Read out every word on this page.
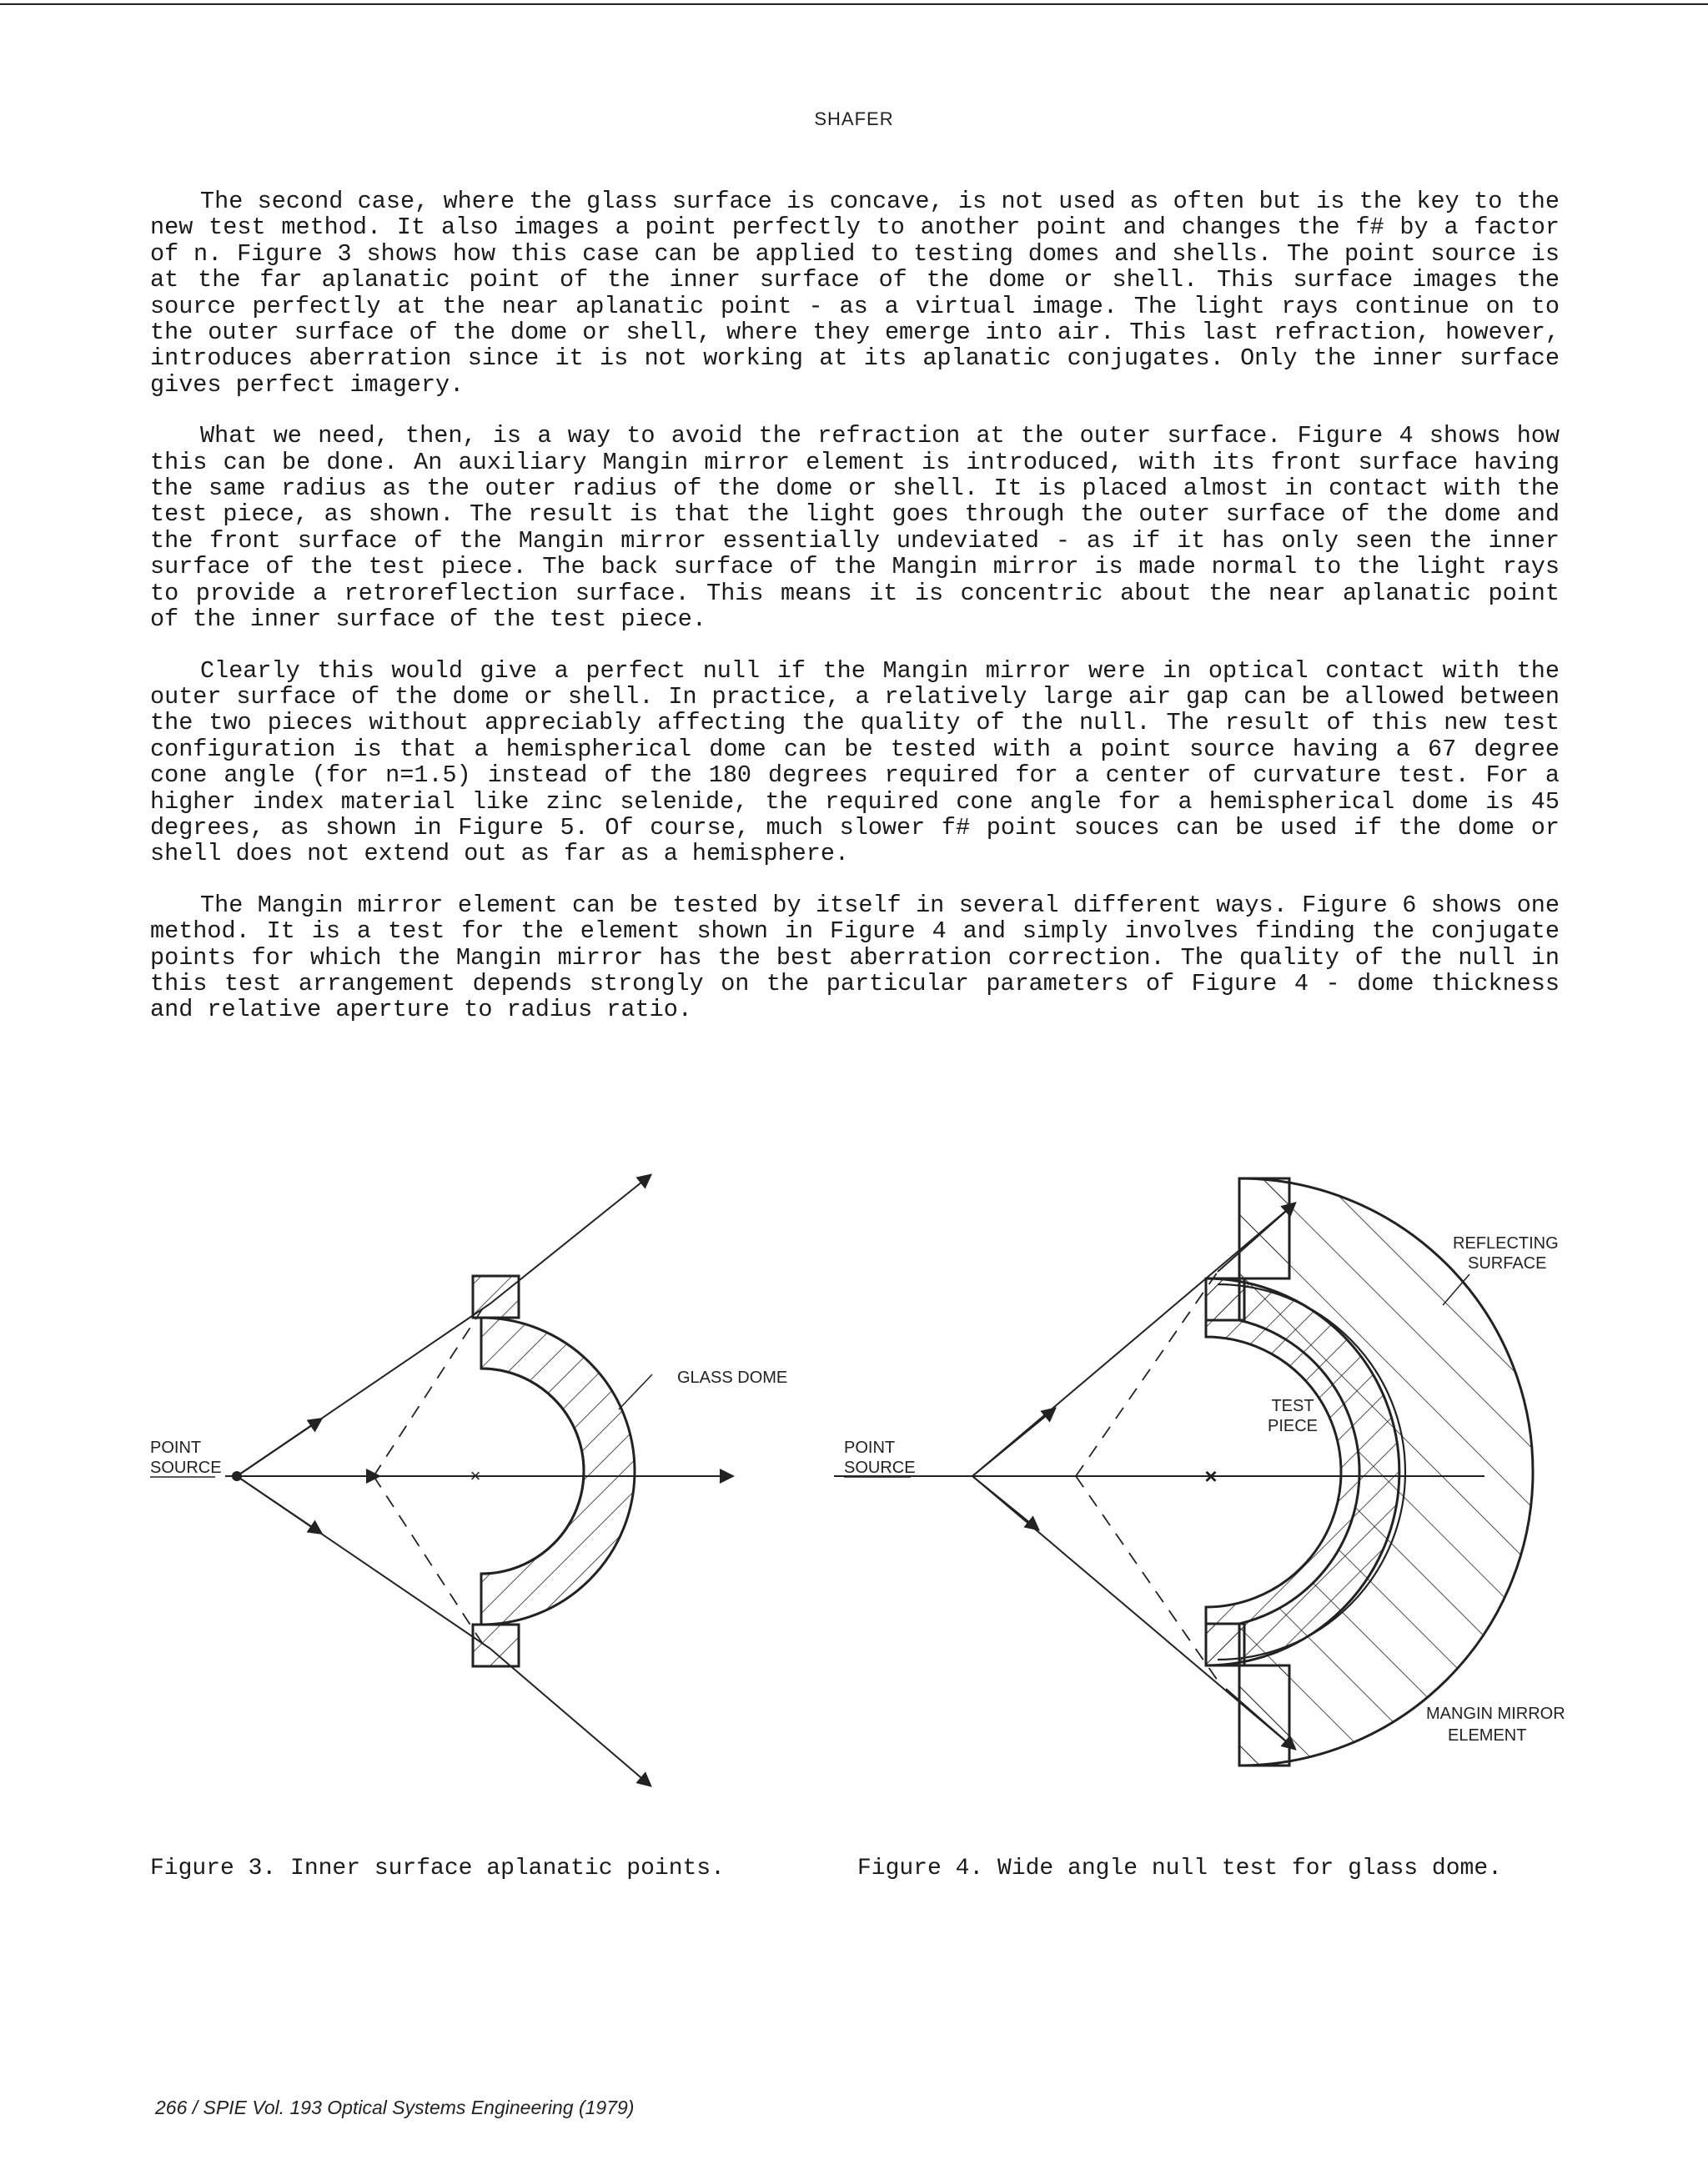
SHAFER

The second case, where the glass surface is concave, is not used as often but is the key to the new test method. It also images a point perfectly to another point and changes the f# by a factor of n. Figure 3 shows how this case can be applied to testing domes and shells. The point source is at the far aplanatic point of the inner surface of the dome or shell. This surface images the source perfectly at the near aplanatic point - as a virtual image. The light rays continue on to the outer surface of the dome or shell, where they emerge into air. This last refraction, however, introduces aberration since it is not working at its aplanatic conjugates. Only the inner surface gives perfect imagery.

What we need, then, is a way to avoid the refraction at the outer surface. Figure 4 shows how this can be done. An auxiliary Mangin mirror element is introduced, with its front surface having the same radius as the outer radius of the dome or shell. It is placed almost in contact with the test piece, as shown. The result is that the light goes through the outer surface of the dome and the front surface of the Mangin mirror essentially undeviated - as if it has only seen the inner surface of the test piece. The back surface of the Mangin mirror is made normal to the light rays to provide a retroreflection surface. This means it is concentric about the near aplanatic point of the inner surface of the test piece.

Clearly this would give a perfect null if the Mangin mirror were in optical contact with the outer surface of the dome or shell. In practice, a relatively large air gap can be allowed between the two pieces without appreciably affecting the quality of the null. The result of this new test configuration is that a hemispherical dome can be tested with a point source having a 67 degree cone angle (for n=1.5) instead of the 180 degrees required for a center of curvature test. For a higher index material like zinc selenide, the required cone angle for a hemispherical dome is 45 degrees, as shown in Figure 5. Of course, much slower f# point souces can be used if the dome or shell does not extend out as far as a hemisphere.

The Mangin mirror element can be tested by itself in several different ways. Figure 6 shows one method. It is a test for the element shown in Figure 4 and simply involves finding the conjugate points for which the Mangin mirror has the best aberration correction. The quality of the null in this test arrangement depends strongly on the particular parameters of Figure 4 - dome thickness and relative aperture to radius ratio.

×
POINT
SOURCE
GLASS DOME
×
POINT
SOURCE
TEST
PIECE
REFLECTING
SURFACE
MANGIN MIRROR
ELEMENT
Figure 3. Inner surface aplanatic points.	Figure 4. Wide angle null test for glass dome.
266 / SPIE Vol. 193 Optical Systems Engineering (1979)
